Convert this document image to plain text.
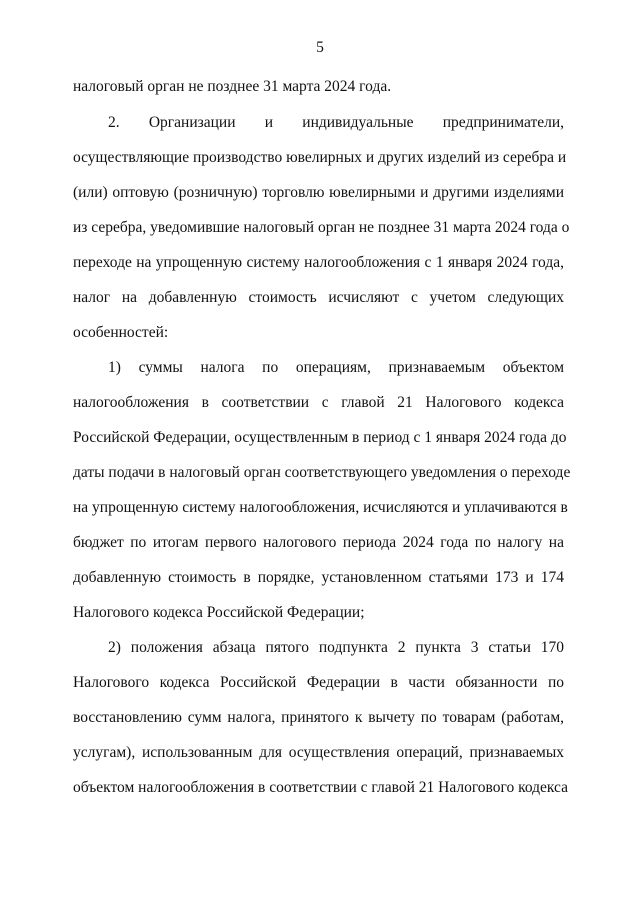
5
налоговый орган не позднее 31 марта 2024 года.
2. Организации и индивидуальные предприниматели,
осуществляющие производство ювелирных и других изделий из серебра и
(или) оптовую (розничную) торговлю ювелирными и другими изделиями
из серебра, уведомившие налоговый орган не позднее 31 марта 2024 года о
переходе на упрощенную систему налогообложения с 1 января 2024 года,
налог на добавленную стоимость исчисляют с учетом следующих
особенностей:
1) суммы налога по операциям, признаваемым объектом
налогообложения в соответствии с главой 21 Налогового кодекса
Российской Федерации, осуществленным в период с 1 января 2024 года до
даты подачи в налоговый орган соответствующего уведомления о переходе
на упрощенную систему налогообложения, исчисляются и уплачиваются в
бюджет по итогам первого налогового периода 2024 года по налогу на
добавленную стоимость в порядке, установленном статьями 173 и 174
Налогового кодекса Российской Федерации;
2) положения абзаца пятого подпункта 2 пункта 3 статьи 170
Налогового кодекса Российской Федерации в части обязанности по
восстановлению сумм налога, принятого к вычету по товарам (работам,
услугам), использованным для осуществления операций, признаваемых
объектом налогообложения в соответствии с главой 21 Налогового кодекса
